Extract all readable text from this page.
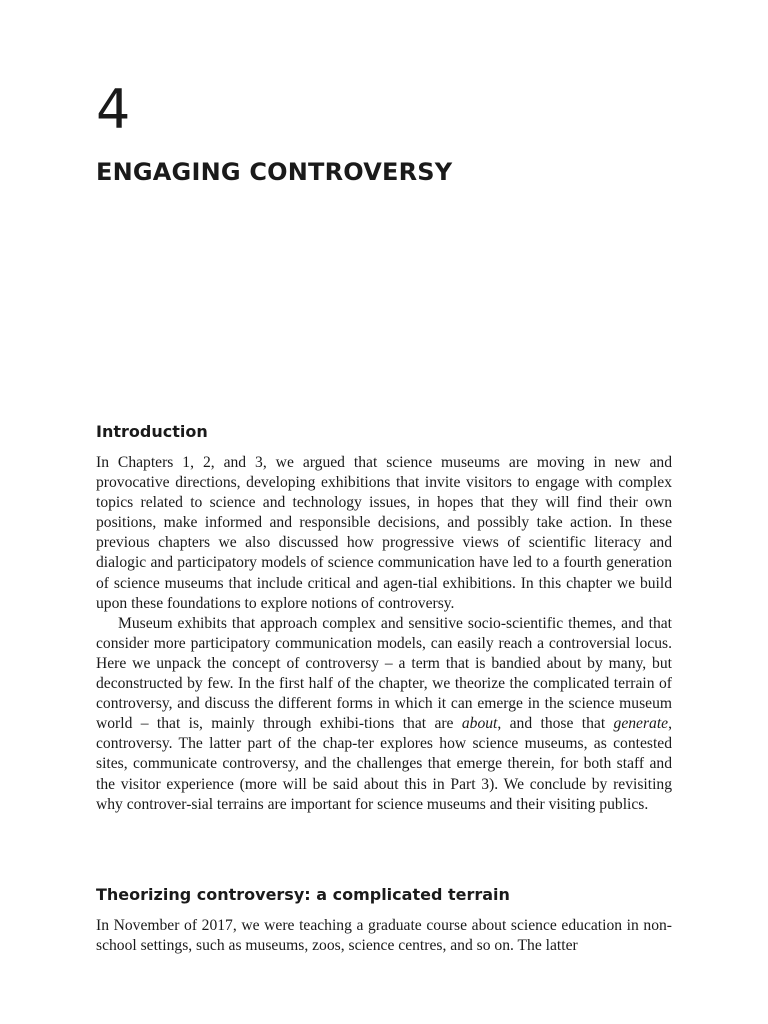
4
ENGAGING CONTROVERSY
Introduction

In Chapters 1, 2, and 3, we argued that science museums are moving in new and provocative directions, developing exhibitions that invite visitors to engage with complex topics related to science and technology issues, in hopes that they will find their own positions, make informed and responsible decisions, and possibly take action. In these previous chapters we also discussed how progressive views of scientific literacy and dialogic and participatory models of science communication have led to a fourth generation of science museums that include critical and agen-tial exhibitions. In this chapter we build upon these foundations to explore notions of controversy.

Museum exhibits that approach complex and sensitive socio-scientific themes, and that consider more participatory communication models, can easily reach a controversial locus. Here we unpack the concept of controversy – a term that is bandied about by many, but deconstructed by few. In the first half of the chapter, we theorize the complicated terrain of controversy, and discuss the different forms in which it can emerge in the science museum world – that is, mainly through exhibi-tions that are about, and those that generate, controversy. The latter part of the chap-ter explores how science museums, as contested sites, communicate controversy, and the challenges that emerge therein, for both staff and the visitor experience (more will be said about this in Part 3). We conclude by revisiting why controver-sial terrains are important for science museums and their visiting publics.

Theorizing controversy: a complicated terrain

In November of 2017, we were teaching a graduate course about science education in non-school settings, such as museums, zoos, science centres, and so on. The latter
